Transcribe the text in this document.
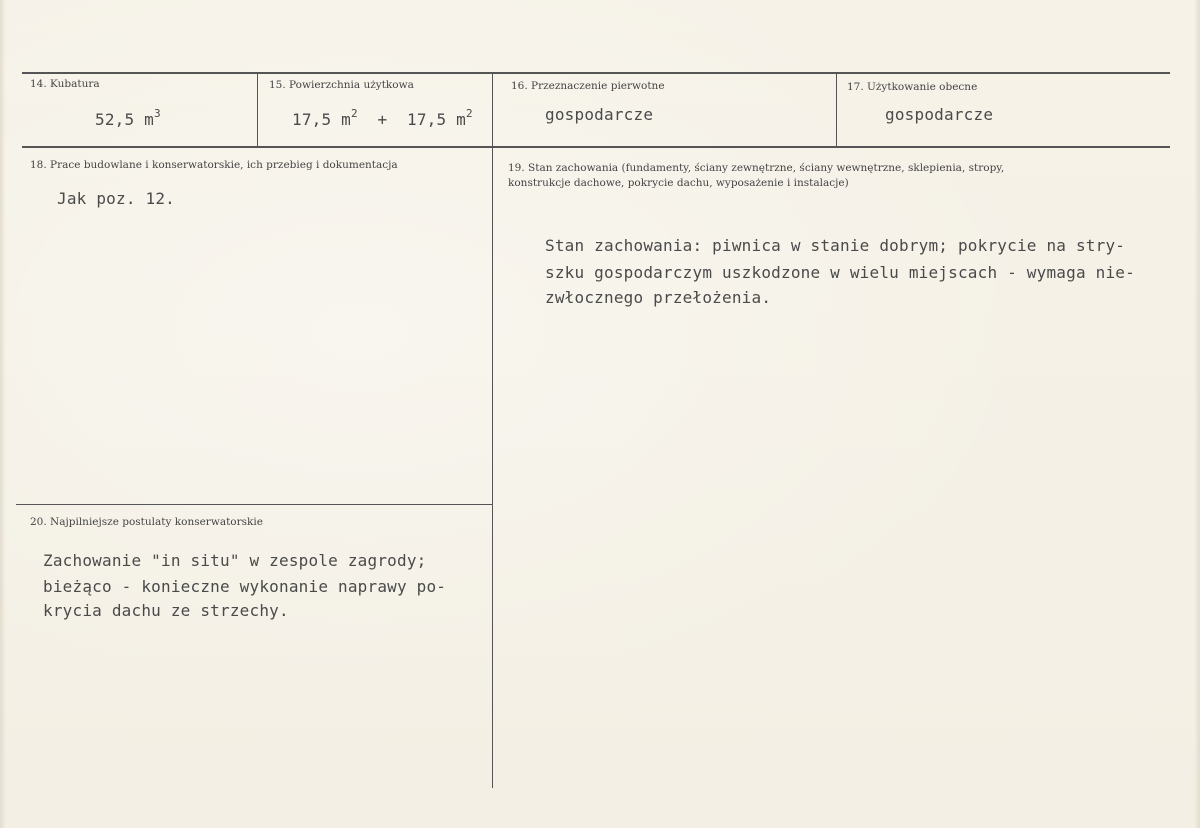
14. Kubatura
52,5 $m^3$
15. Powierzchnia użytkowa
17,5 $m^2 + 17,5$ $m^2$
16. Przeznaczenie pierwotne
gospodarcze
17. Użytkowanie obecne
gospodarcze
18. Prace budowlane i konserwatorskie, ich przebieg i dokumentacja
Jak poz. 12.
19. Stan zachowania (fundamenty, ściany zewnętrzne, ściany wewnętrzne, sklepienia, stropy,
konstrukcje dachowe, pokrycie dachu, wyposażenie i instalacje)
Stan zachowania: piwnica w stanie dobrym; pokrycie na stry-
szku gospodarczym uszkodzone w wielu miejscach - wymaga nie-
zwłocznego przełożenia.
20. Najpilniejsze postulaty konserwatorskie
Zachowanie "in situ" w zespole zagrody;
bieżąco - konieczne wykonanie naprawy po-
krycia dachu ze strzechy.
